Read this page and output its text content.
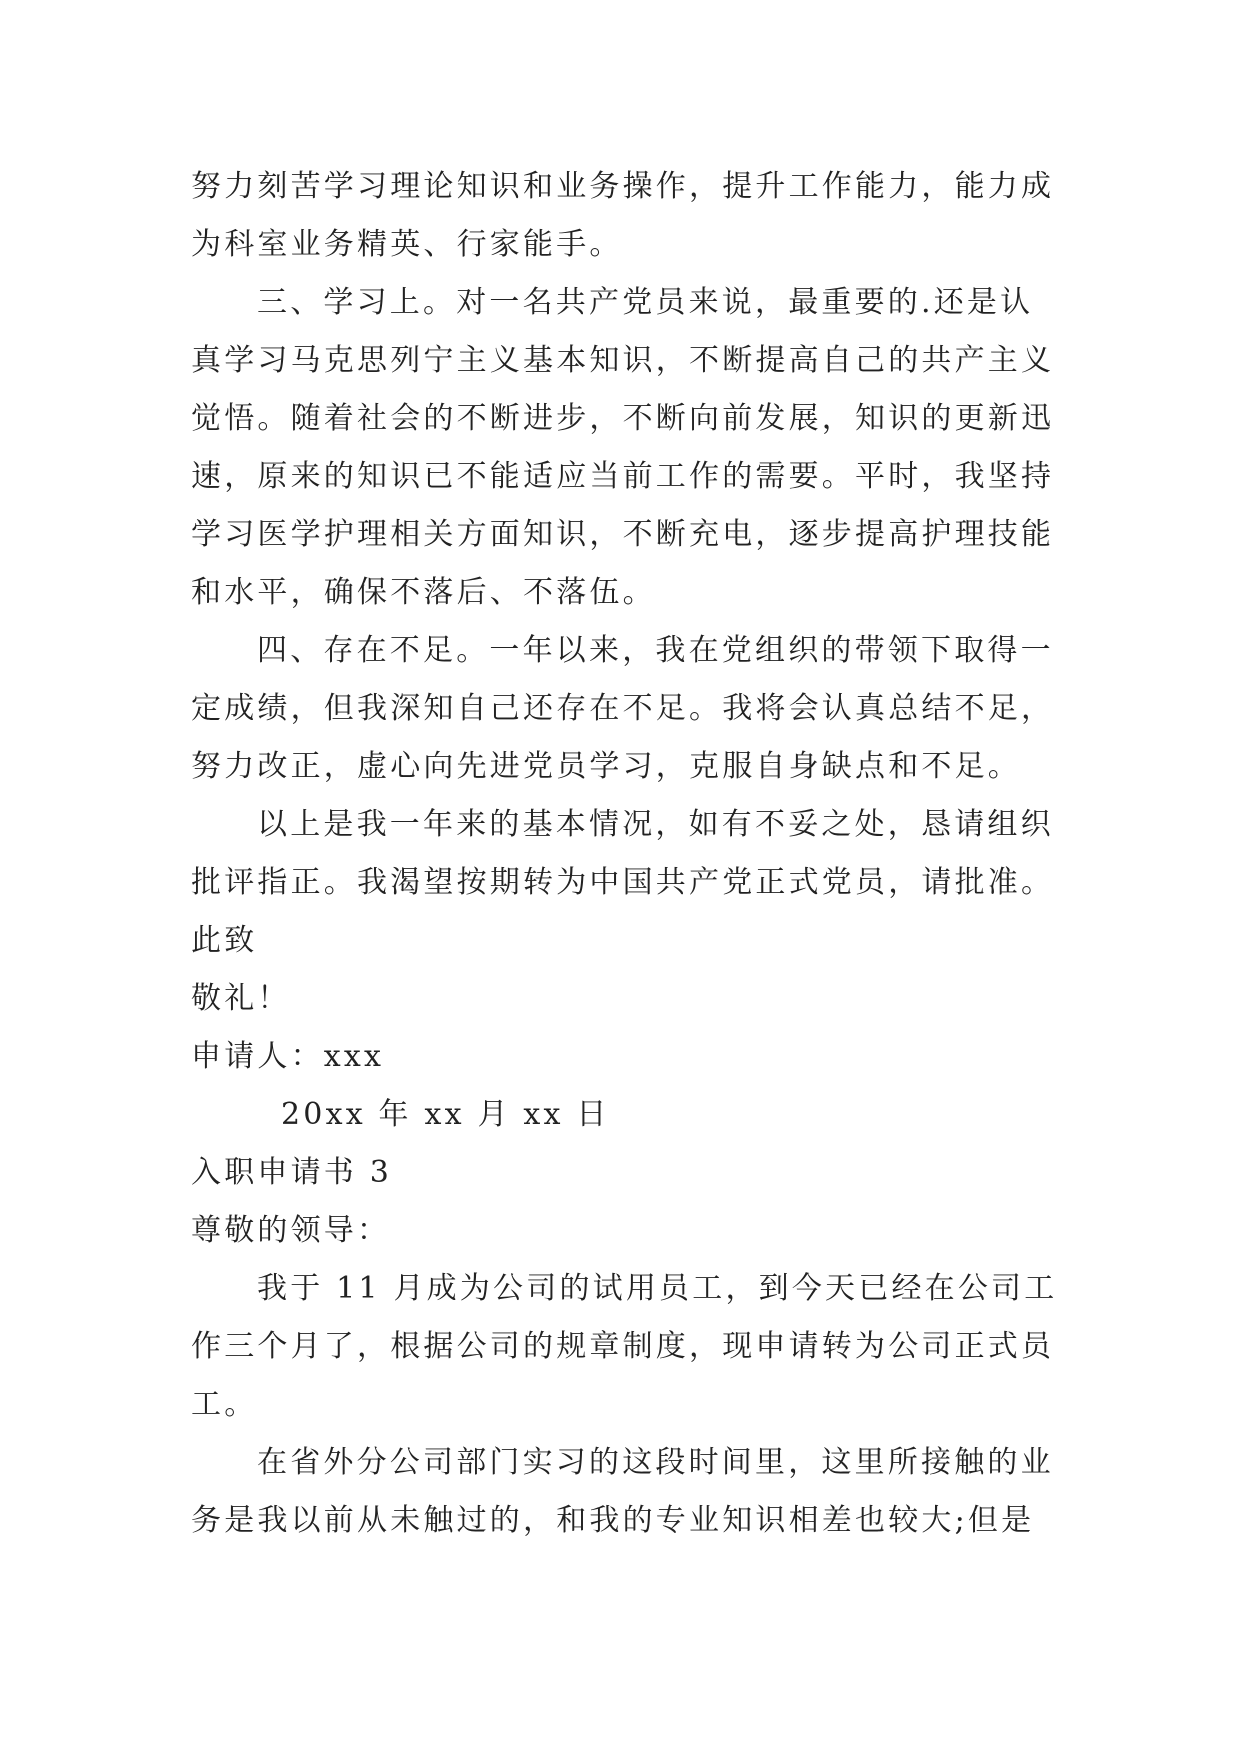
努力刻苦学习理论知识和业务操作，提升工作能力，能力成
为科室业务精英、行家能手。
三、学习上。对一名共产党员来说，最重要的.还是认
真学习马克思列宁主义基本知识，不断提高自己的共产主义
觉悟。随着社会的不断进步，不断向前发展，知识的更新迅
速，原来的知识已不能适应当前工作的需要。平时，我坚持
学习医学护理相关方面知识，不断充电，逐步提高护理技能
和水平，确保不落后、不落伍。
四、存在不足。一年以来，我在党组织的带领下取得一
定成绩，但我深知自己还存在不足。我将会认真总结不足，
努力改正，虚心向先进党员学习，克服自身缺点和不足。
以上是我一年来的基本情况，如有不妥之处，恳请组织
批评指正。我渴望按期转为中国共产党正式党员，请批准。
此致
敬礼！
申请人：xxx
20xx 年 xx 月 xx 日
入职申请书 3
尊敬的领导：
我于 11 月成为公司的试用员工，到今天已经在公司工
作三个月了，根据公司的规章制度，现申请转为公司正式员
工。
在省外分公司部门实习的这段时间里，这里所接触的业
务是我以前从未触过的，和我的专业知识相差也较大;但是
